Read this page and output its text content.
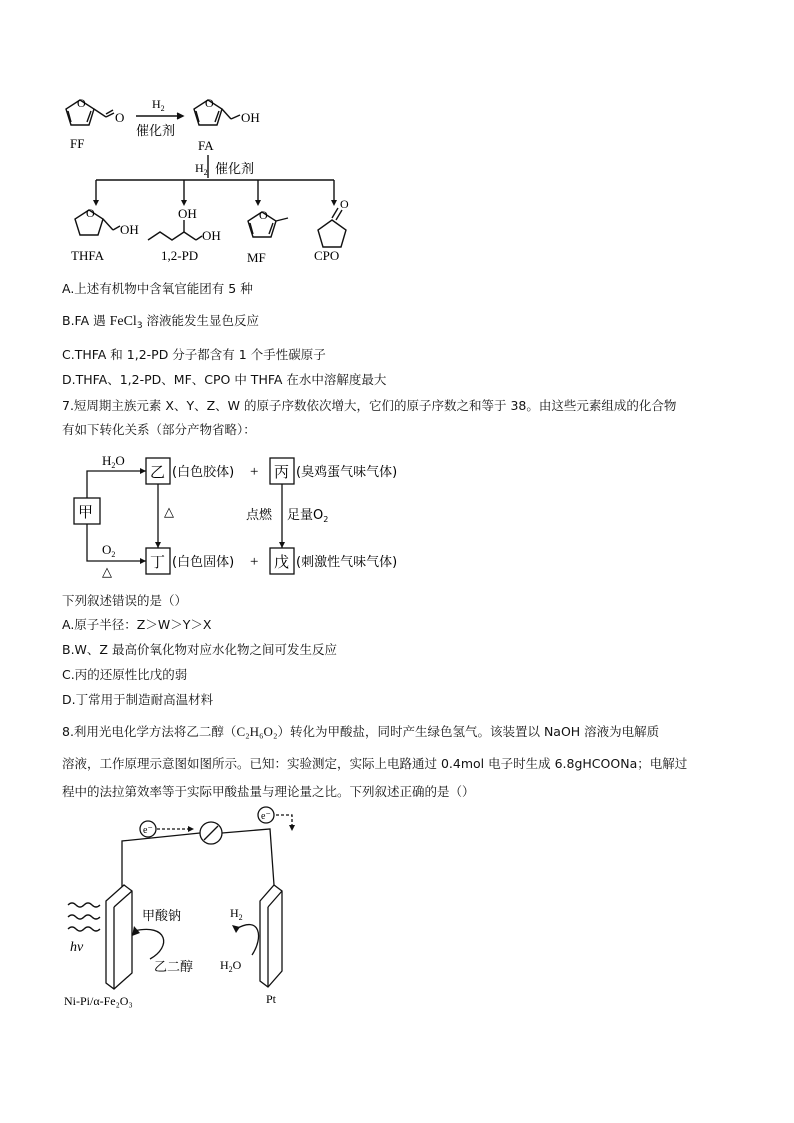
O
O
FF
$H_2$
催化剂
O
OH
FA
$H_2$ 催化剂
O
OH
THFA
OH
OH
1,2-PD
O
MF
O
CPO
A.上述有机物中含氧官能团有 5 种
B.FA 遇 FeCl$_3$ 溶液能发生显色反应
C.THFA 和 1,2-PD 分子都含有 1 个手性碳原子
D.THFA、1,2-PD、MF、CPO 中 THFA 在水中溶解度最大
7.短周期主族元素 X、Y、Z、W 的原子序数依次增大，它们的原子序数之和等于 38。由这些元素组成的化合物
有如下转化关系（部分产物省略）：
乙	丙
甲
丁	戊
$H_2O$
$O_2$
△
△
(白色胶体) +	(臭鸡蛋气味气体)
点燃 足量$O_2$
(白色固体) +	(刺激性气味气体)
下列叙述错误的是（）
A.原子半径：Z＞W＞Y＞X
B.W、Z 最高价氧化物对应水化物之间可发生反应
C.丙的还原性比戊的弱
D.丁常用于制造耐高温材料
8.利用光电化学方法将乙二醇（C₂H₆O₂）转化为甲酸盐，同时产生绿色氢气。该装置以 NaOH 溶液为电解质
溶液，工作原理示意图如图所示。已知：实验测定，实际上电路通过 0.4mol 电子时生成 6.8gHCOONa；电解过
程中的法拉第效率等于实际甲酸盐量与理论量之比。下列叙述正确的是（）
e⁻
e⁻
甲酸钠
乙二醇
$H_2$
$H_2O$
hν
Ni-Pi/α-Fe₂O₃	Pt
